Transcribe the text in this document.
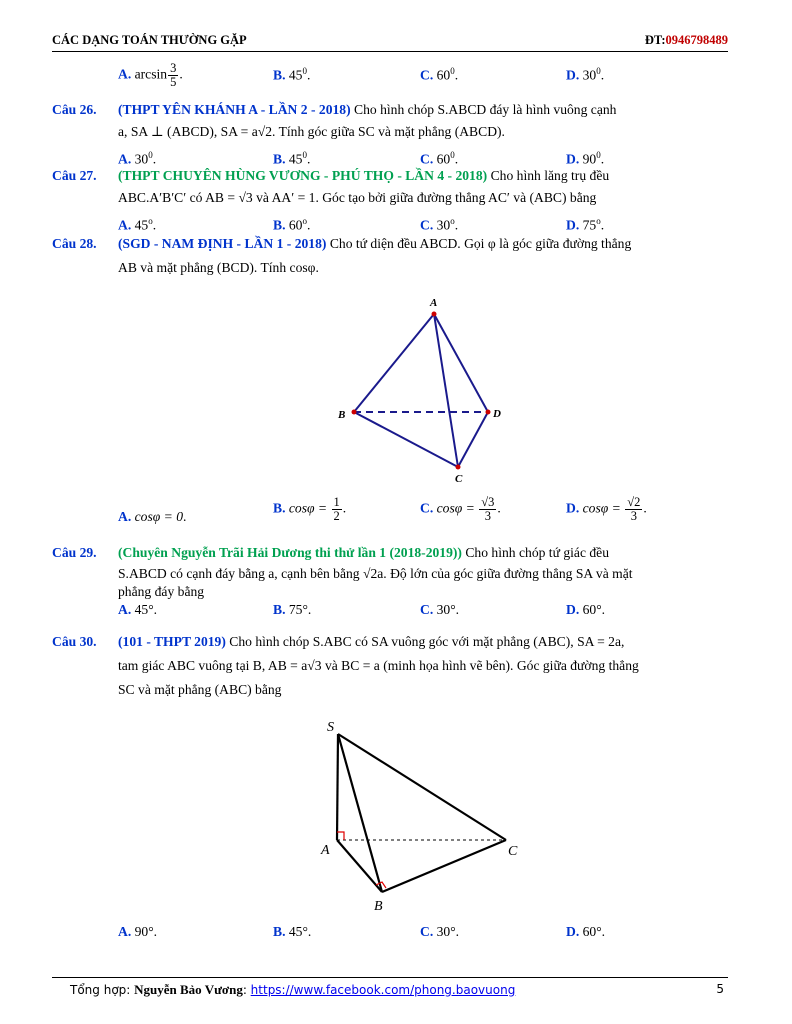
CÁC DẠNG TOÁN THƯỜNG GẶP	ĐT:0946798489
A. $\arcsin \frac{3}{5}$ .	B. $45^0$.	C. $60^0$.	D. $30^0$.
Câu 26. (THPT YÊN KHÁNH A - LẦN 2 - 2018) Cho hình chóp S.ABCD đáy là hình vuông cạnh
a, SA ⊥ (ABCD), SA = a√2. Tính góc giữa SC và mặt phẳng (ABCD).
A. $30^0$.	B. $45^0$.	C. $60^0$.	D. $90^0$.
Câu 27. (THPT CHUYÊN HÙNG VƯƠNG - PHÚ THỌ - LẦN 4 - 2018) Cho hình lăng trụ đều
ABC.A′B′C′ có AB = √3 và AA′ = 1. Góc tạo bởi giữa đường thẳng AC′ và (ABC) bằng
A. 45$^o$.	B. 60$^o$.	C. 30$^o$.	D. 75$^o$.
Câu 28. (SGD - NAM ĐỊNH - LẦN 1 - 2018) Cho tứ diện đều ABCD. Gọi φ là góc giữa đường thẳng
AB và mặt phẳng (BCD). Tính cosφ.
A
B	D
C
A. cosφ = 0.
B. $\cos\varphi = \frac{1}{2}$ .	C. $\cos\varphi = \frac{√3}{3}$ .	D. $\cos\varphi = \frac{√2}{3}$ .
Câu 29. (Chuyên Nguyễn Trãi Hải Dương thi thử lần 1 (2018-2019)) Cho hình chóp tứ giác đều
S.ABCD có cạnh đáy bằng a, cạnh bên bằng √2a. Độ lớn của góc giữa đường thẳng SA và mặt
phẳng đáy bằng
A. 45°.	B. 75°.	C. 30°.	D. 60°.
Câu 30. (101 - THPT 2019) Cho hình chóp S.ABC có SA vuông góc với mặt phẳng (ABC), SA = 2a,
tam giác ABC vuông tại B, AB = a√3 và BC = a (minh họa hình vẽ bên). Góc giữa đường thẳng
SC và mặt phẳng (ABC) bằng
S
A
B
C
A. 90°.	B. 45°.	C. 30°.	D. 60°.
Tổng hợp: Nguyễn Bảo Vương: https://www.facebook.com/phong.baovuong	5
